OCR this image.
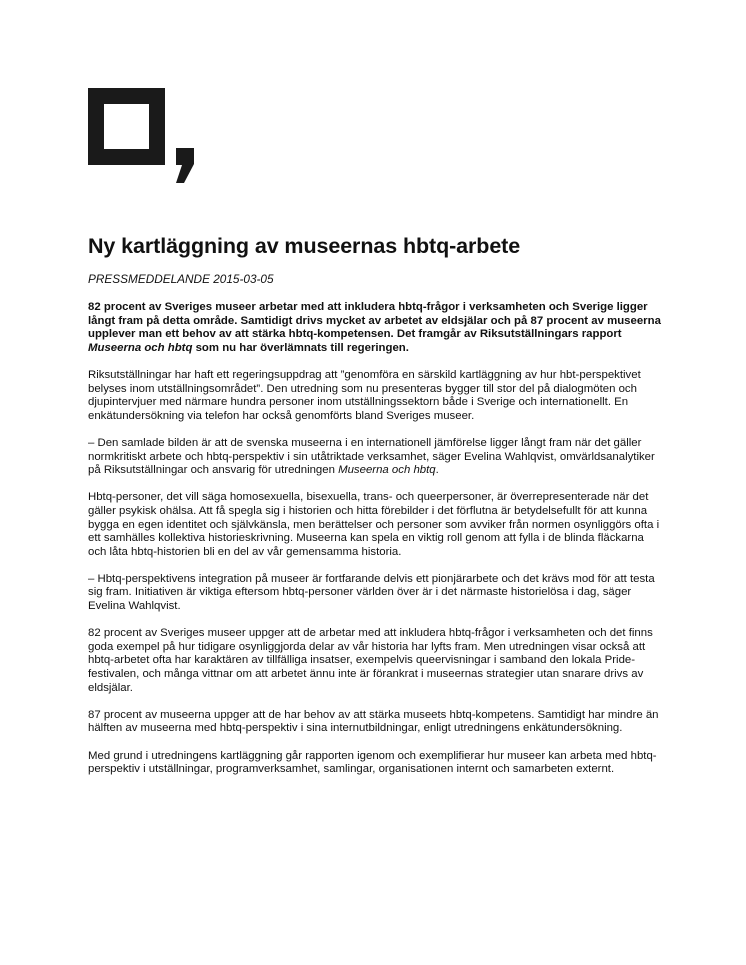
Ny kartläggning av museernas hbtq-arbete

PRESSMEDDELANDE 2015-03-05

82 procent av Sveriges museer arbetar med att inkludera hbtq-frågor i verksamheten och Sverige ligger långt fram på detta område. Samtidigt drivs mycket av arbetet av eldsjälar och på 87 procent av museerna upplever man ett behov av att stärka hbtq-kompetensen. Det framgår av Riksutställningars rapport Museerna och hbtq som nu har överlämnats till regeringen.

Riksutställningar har haft ett regeringsuppdrag att ”genomföra en särskild kartläggning av hur hbt-perspektivet belyses inom utställningsområdet”. Den utredning som nu presenteras bygger till stor del på dialogmöten och djupintervjuer med närmare hundra personer inom utställningssektorn både i Sverige och internationellt. En enkätundersökning via telefon har också genomförts bland Sveriges museer.

– Den samlade bilden är att de svenska museerna i en internationell jämförelse ligger långt fram när det gäller normkritiskt arbete och hbtq-perspektiv i sin utåtriktade verksamhet, säger Evelina Wahlqvist, omvärldsanalytiker på Riksutställningar och ansvarig för utredningen Museerna och hbtq.

Hbtq-personer, det vill säga homosexuella, bisexuella, trans- och queerpersoner, är överrepresenterade när det gäller psykisk ohälsa. Att få spegla sig i historien och hitta förebilder i det förflutna är betydelsefullt för att kunna bygga en egen identitet och självkänsla, men berättelser och personer som avviker från normen osynliggörs ofta i ett samhälles kollektiva historieskrivning. Museerna kan spela en viktig roll genom att fylla i de blinda fläckarna och låta hbtq-historien bli en del av vår gemensamma historia.

– Hbtq-perspektivens integration på museer är fortfarande delvis ett pionjärarbete och det krävs mod för att testa sig fram. Initiativen är viktiga eftersom hbtq-personer världen över är i det närmaste historielösa i dag, säger Evelina Wahlqvist.

82 procent av Sveriges museer uppger att de arbetar med att inkludera hbtq-frågor i verksamheten och det finns goda exempel på hur tidigare osynliggjorda delar av vår historia har lyfts fram. Men utredningen visar också att hbtq-arbetet ofta har karaktären av tillfälliga insatser, exempelvis queervisningar i samband den lokala Pride-festivalen, och många vittnar om att arbetet ännu inte är förankrat i museernas strategier utan snarare drivs av eldsjälar.

87 procent av museerna uppger att de har behov av att stärka museets hbtq-kompetens. Samtidigt har mindre än hälften av museerna med hbtq-perspektiv i sina internutbildningar, enligt utredningens enkätundersökning.

Med grund i utredningens kartläggning går rapporten igenom och exemplifierar hur museer kan arbeta med hbtq-perspektiv i utställningar, programverksamhet, samlingar, organisationen internt och samarbeten externt.
